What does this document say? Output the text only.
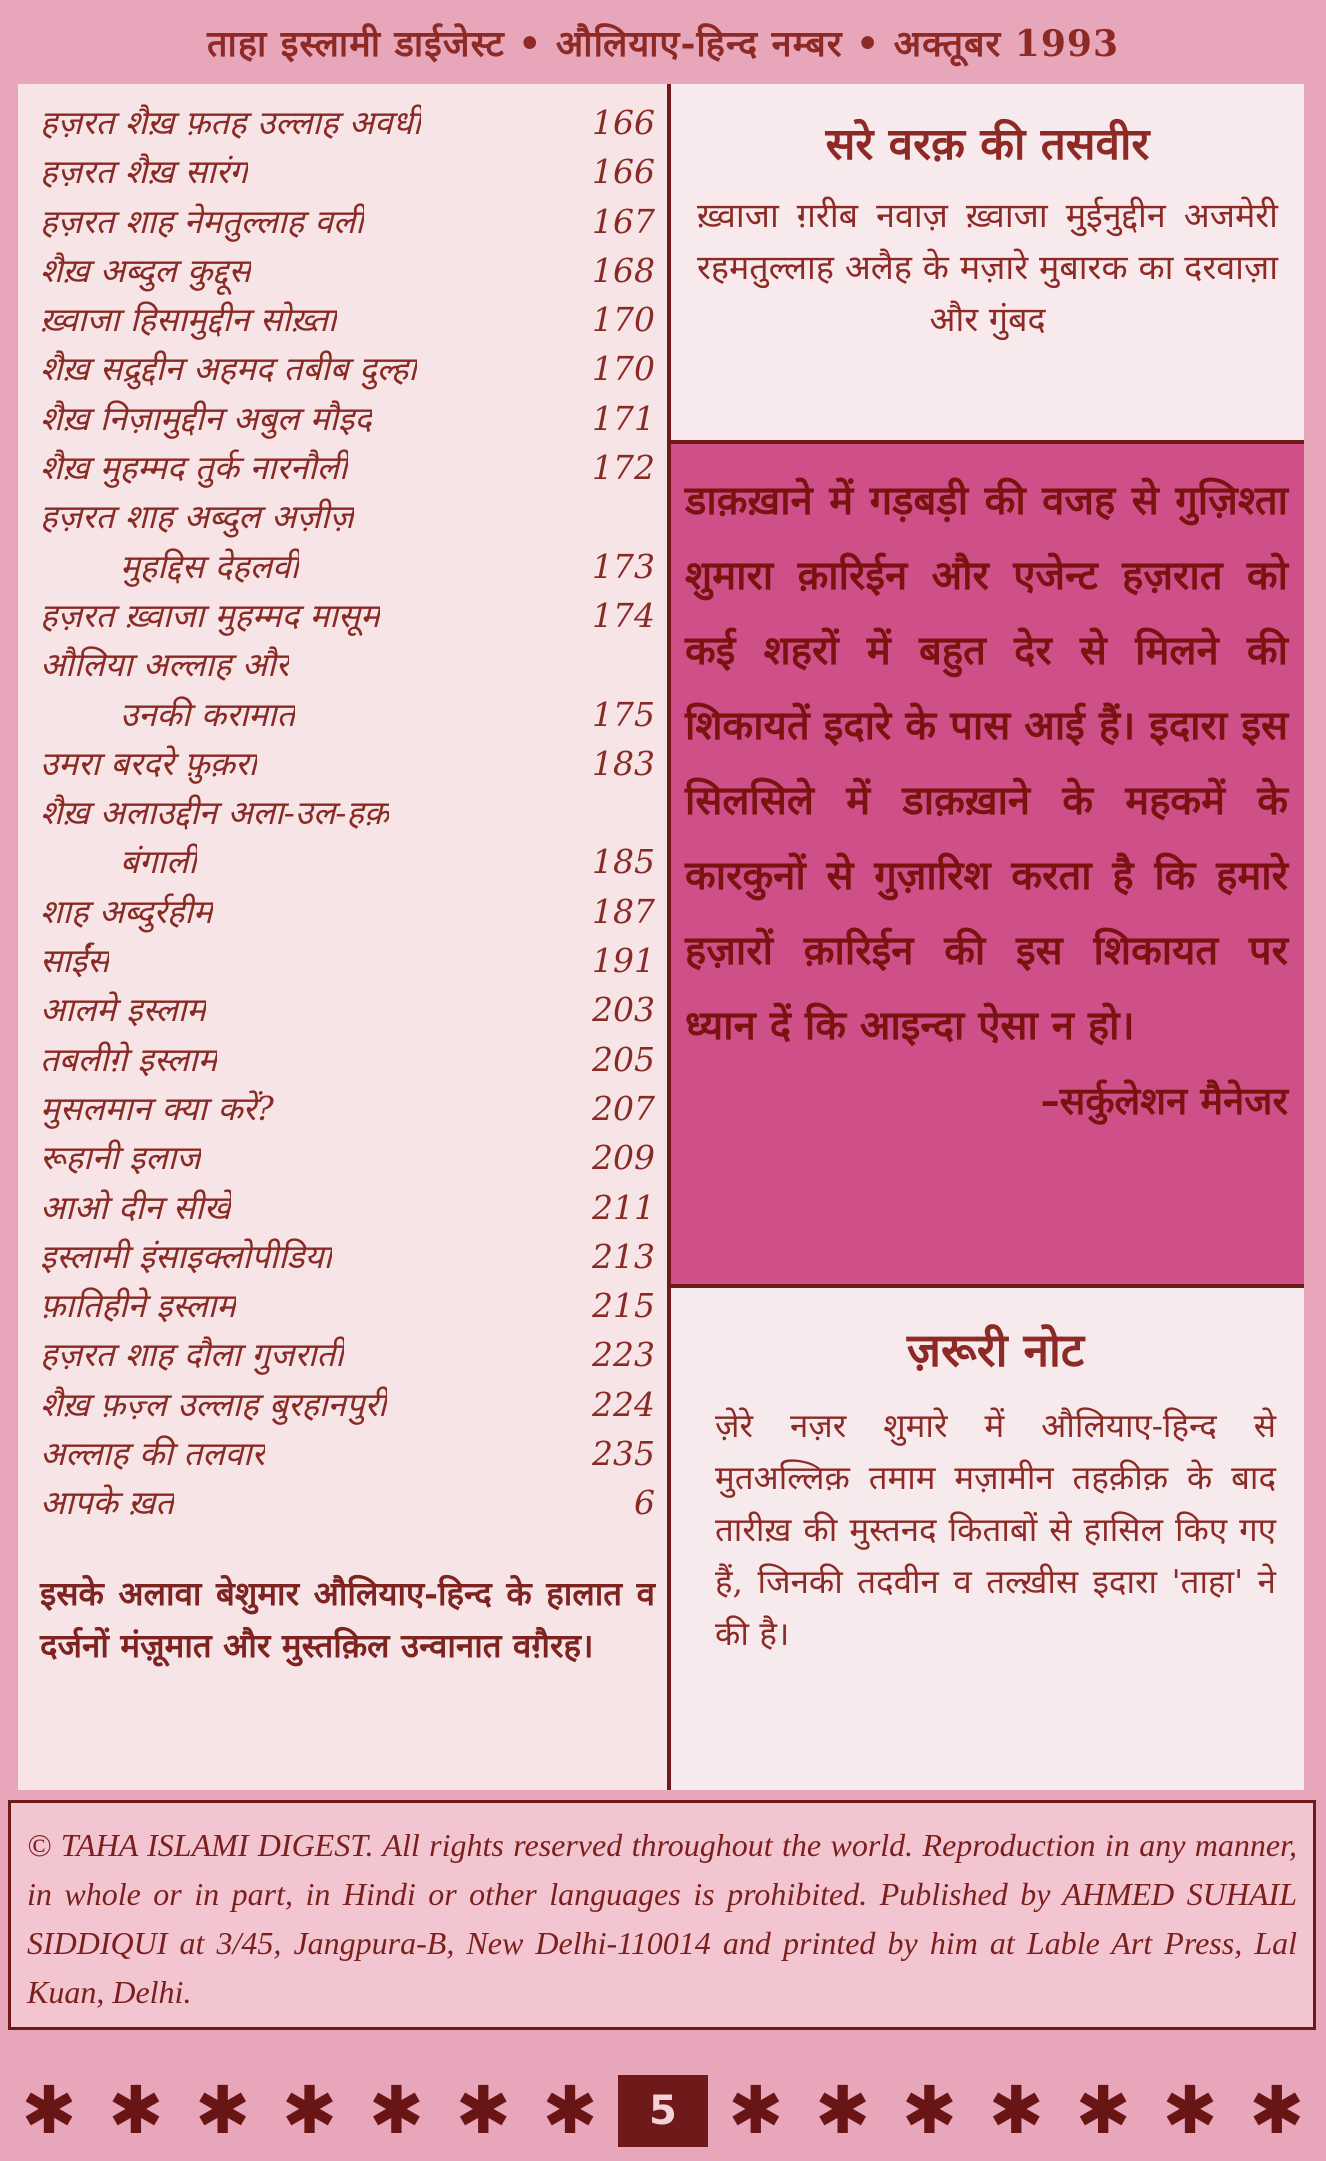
ताहा इस्लामी डाईजेस्ट • औलियाए-हिन्द नम्बर • अक्तूबर 1993
हज़रत शैख़ फ़तह उल्लाह अवधी	166
हज़रत शैख़ सारंग	166
हज़रत शाह नेमतुल्लाह वली	167
शैख़ अब्दुल कुद्दूस	168
ख़्वाजा हिसामुद्दीन सोख़्ता	170
शैख़ सद्रुद्दीन अहमद तबीब दुल्हा	170
शैख़ निज़ामुद्दीन अबुल मौइद	171
शैख़ मुहम्मद तुर्क नारनौली	172
हज़रत शाह अब्दुल अज़ीज़
मुहद्दिस देहलवी	173
हज़रत ख़्वाजा मुहम्मद मासूम	174
औलिया अल्लाह और
उनकी करामात	175
उमरा बरदरे फ़ुक़रा	183
शैख़ अलाउद्दीन अला-उल-हक़
बंगाली	185
शाह अब्दुर्रहीम	187
साईंस	191
आलमे इस्लाम	203
तबलीग़े इस्लाम	205
मुसलमान क्या करें?	207
रूहानी इलाज	209
आओ दीन सीखें	211
इस्लामी इंसाइक्लोपीडिया	213
फ़ातिहीने इस्लाम	215
हज़रत शाह दौला गुजराती	223
शैख़ फ़ज़्ल उल्लाह बुरहानपुरी	224
अल्लाह की तलवार	235
आपके ख़त	6
इसके अलावा बेशुमार औलियाए-हिन्द के हालात व दर्जनों मंज़ूमात और मुस्तक़िल उन्वानात वग़ैरह।
सरे वरक़ की तसवीर
ख़्वाजा ग़रीब नवाज़ ख़्वाजा मुईनुद्दीन अजमेरी रहमतुल्लाह अलैह के मज़ारे मुबारक का दरवाज़ा और गुंबद
डाक़ख़ाने में गड़बड़ी की वजह से गुज़िश्ता शुमारा क़ारिईन और एजेन्ट हज़रात को कई शहरों में बहुत देर से मिलने की शिकायतें इदारे के पास आई हैं। इदारा इस सिलसिले में डाक़ख़ाने के महकमें के कारकुनों से गुज़ारिश करता है कि हमारे हज़ारों क़ारिईन की इस शिकायत पर ध्यान दें कि आइन्दा ऐसा न हो।
–सर्कुलेशन मैनेजर
ज़रूरी नोट
ज़ेरे नज़र शुमारे में औलियाए-हिन्द से मुतअल्लिक़ तमाम मज़ामीन तहक़ीक़ के बाद तारीख़ की मुस्तनद किताबों से हासिल किए गए हैं, जिनकी तदवीन व तल्ख़ीस इदारा 'ताहा' ने की है।
© TAHA ISLAMI DIGEST. All rights reserved throughout the world. Reproduction in any manner, in whole or in part, in Hindi or other languages is prohibited. Published by AHMED SUHAIL SIDDIQUI at 3/45, Jangpura-B, New Delhi-110014 and printed by him at Lable Art Press, Lal Kuan, Delhi.
✱ ✱ ✱ ✱ ✱ ✱ ✱	5 ✱ ✱ ✱ ✱ ✱ ✱ ✱
